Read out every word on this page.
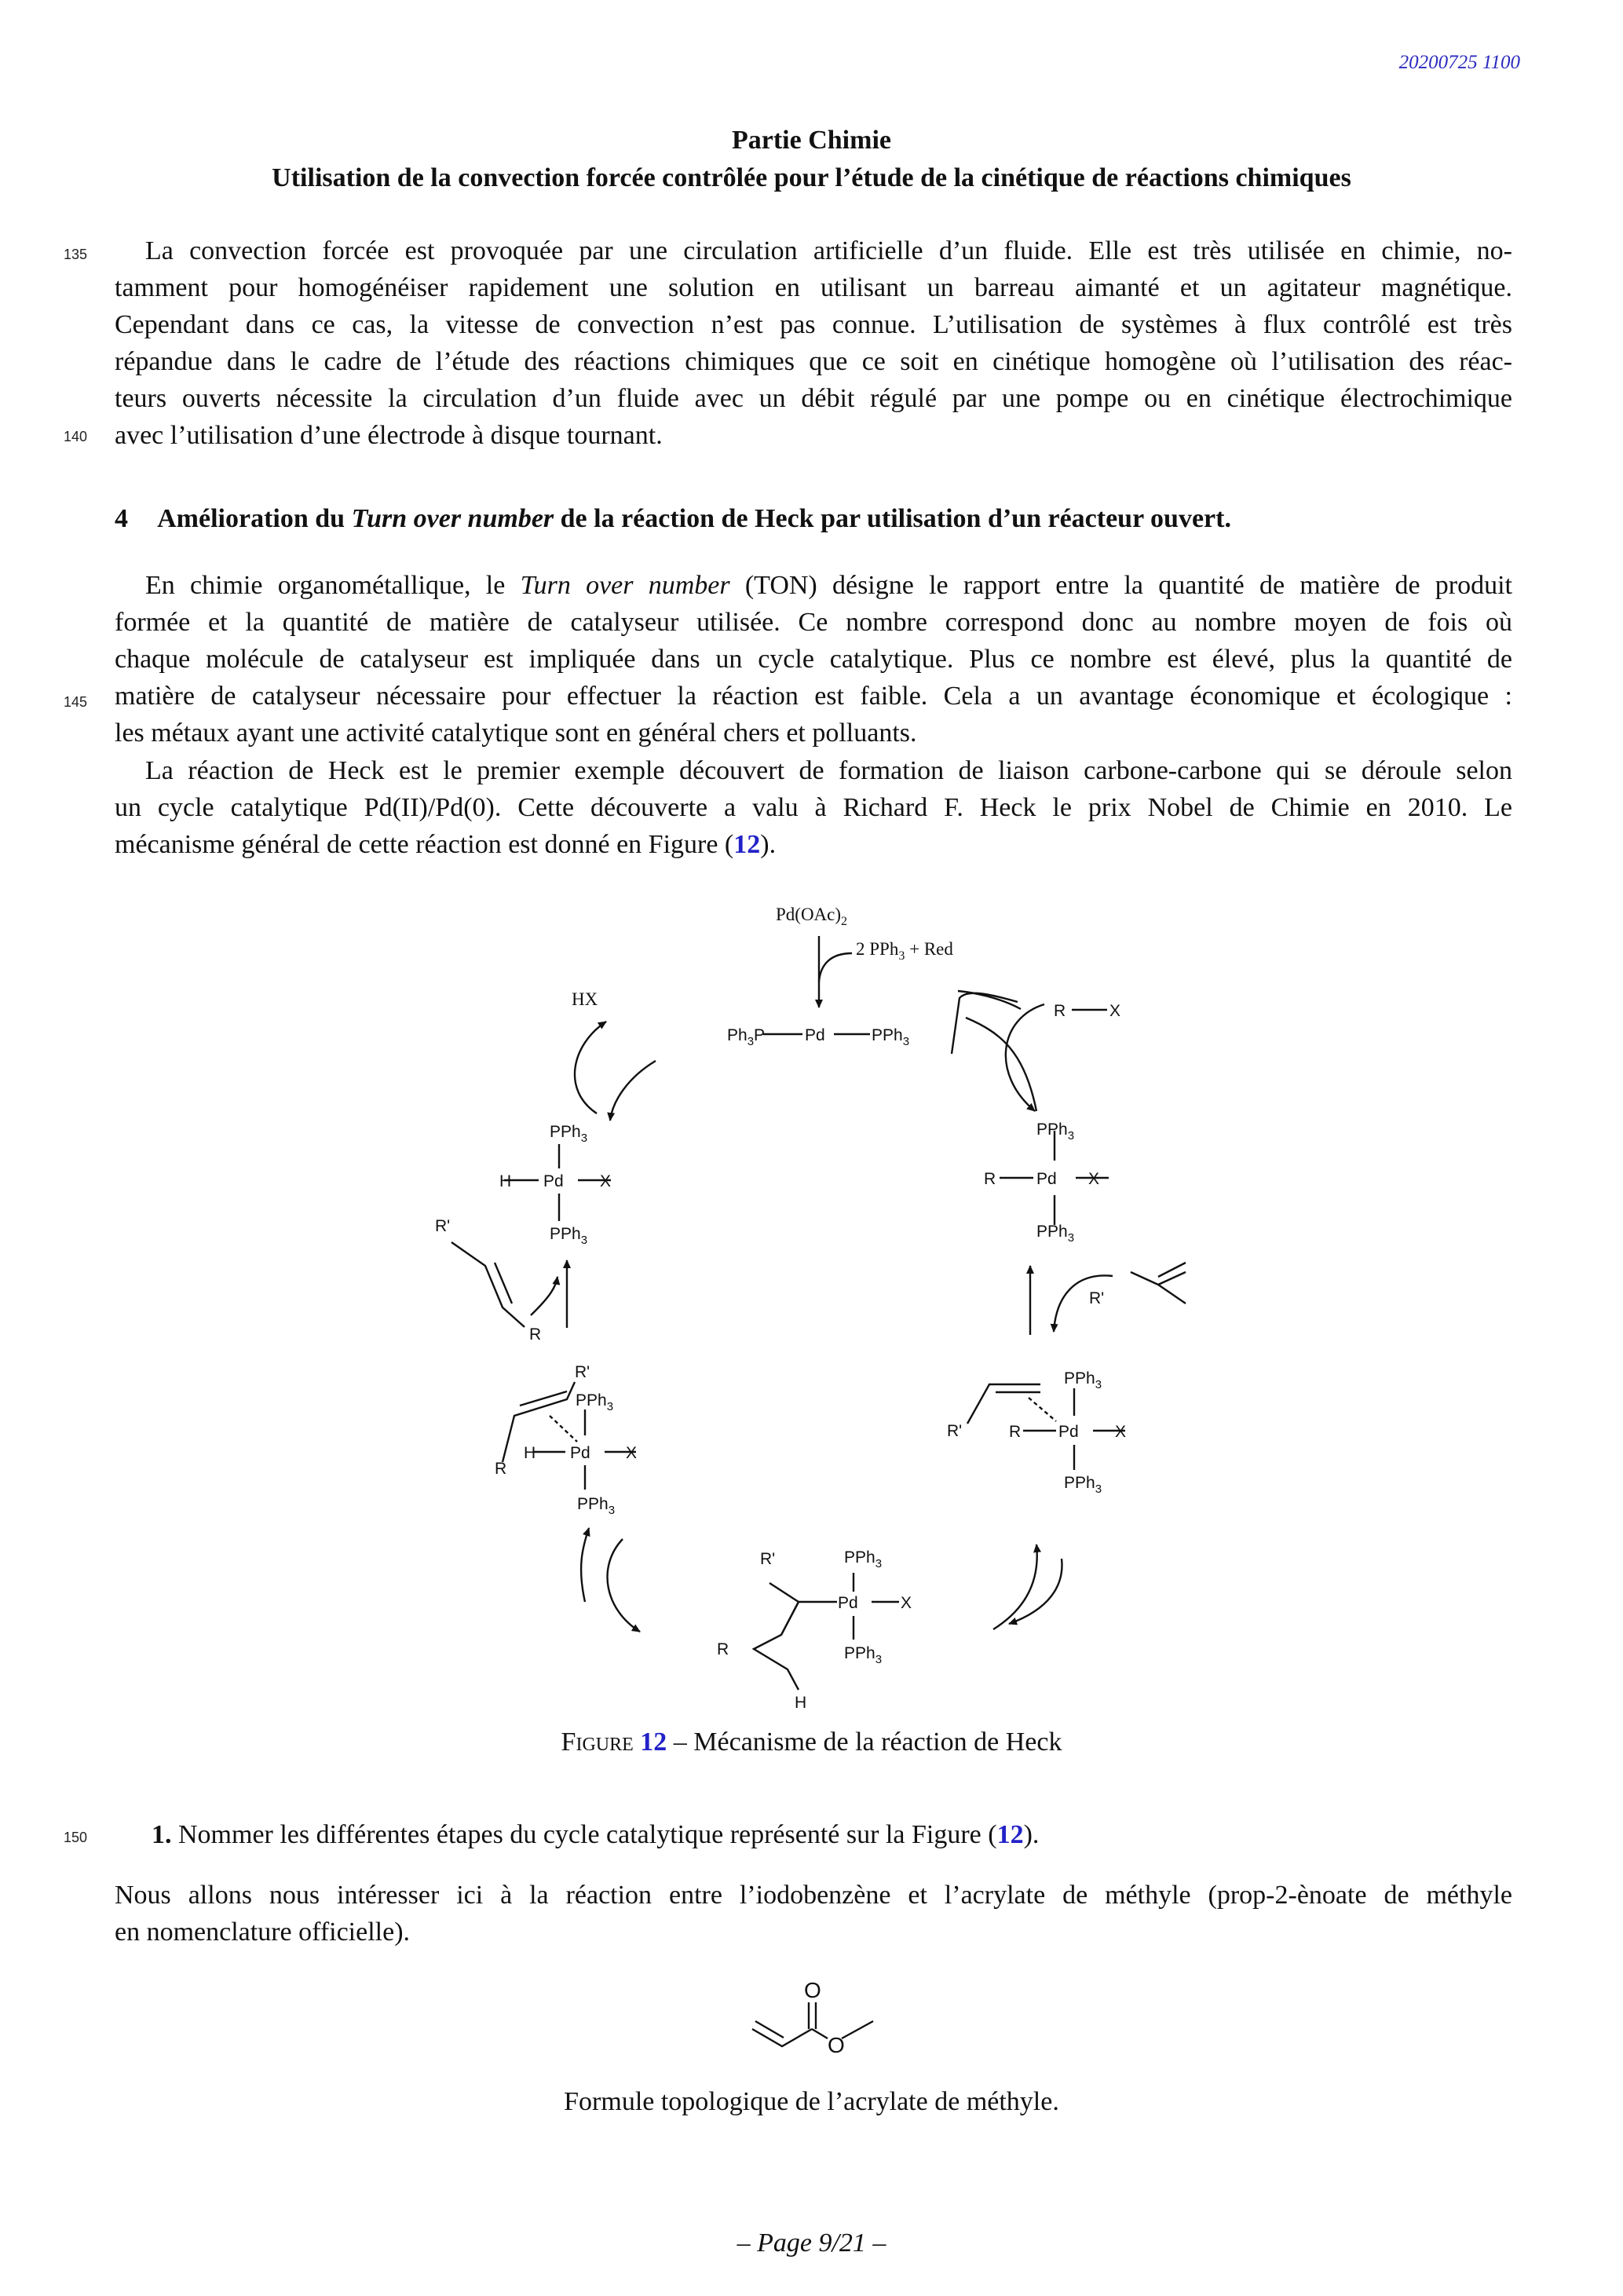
20200725 1100
Partie Chimie
Utilisation de la convection forcée contrôlée pour l’étude de la cinétique de réactions chimiques
135
140
145
150
La convection forcée est provoquée par une circulation artificielle d’un fluide. Elle est très utilisée en chimie, no-
tamment pour homogénéiser rapidement une solution en utilisant un barreau aimanté et un agitateur magnétique.
Cependant dans ce cas, la vitesse de convection n’est pas connue. L’utilisation de systèmes à flux contrôlé est très
répandue dans le cadre de l’étude des réactions chimiques que ce soit en cinétique homogène où l’utilisation des réac-
teurs ouverts nécessite la circulation d’un fluide avec un débit régulé par une pompe ou en cinétique électrochimique
avec l’utilisation d’une électrode à disque tournant.
4 Amélioration du Turn over number de la réaction de Heck par utilisation d’un réacteur ouvert.
En chimie organométallique, le Turn over number (TON) désigne le rapport entre la quantité de matière de produit
formée et la quantité de matière de catalyseur utilisée. Ce nombre correspond donc au nombre moyen de fois où
chaque molécule de catalyseur est impliquée dans un cycle catalytique. Plus ce nombre est élevé, plus la quantité de
matière de catalyseur nécessaire pour effectuer la réaction est faible. Cela a un avantage économique et écologique :
les métaux ayant une activité catalytique sont en général chers et polluants.
La réaction de Heck est le premier exemple découvert de formation de liaison carbone-carbone qui se déroule selon
un cycle catalytique Pd(II)/Pd(0). Cette découverte a valu à Richard F. Heck le prix Nobel de Chimie en 2010. Le
mécanisme général de cette réaction est donné en Figure (12).
$Pd(OAc)_2$
2 PPh$_3$ + Red
HX
$Ph_3P$ Pd	PPh$_3$
R	X
PPh$_3$
H Pd X
PPh$_3$
PPh$_3$
R Pd X
PPh$_3$
R'
R
R'
PPh$_3$
R'	R Pd X
PPh$_3$
R'
PPh$_3$
R
H Pd X
PPh$_3$
PPh$_3$
R'
Pd	X
R	PPh$_3$
H
Figure 12 – Mécanisme de la réaction de Heck
1. Nommer les différentes étapes du cycle catalytique représenté sur la Figure (12).
Nous allons nous intéresser ici à la réaction entre l’iodobenzène et l’acrylate de méthyle (prop-2-ènoate de méthyle
en nomenclature officielle).
O
O
Formule topologique de l’acrylate de méthyle.
– Page 9/21 –
